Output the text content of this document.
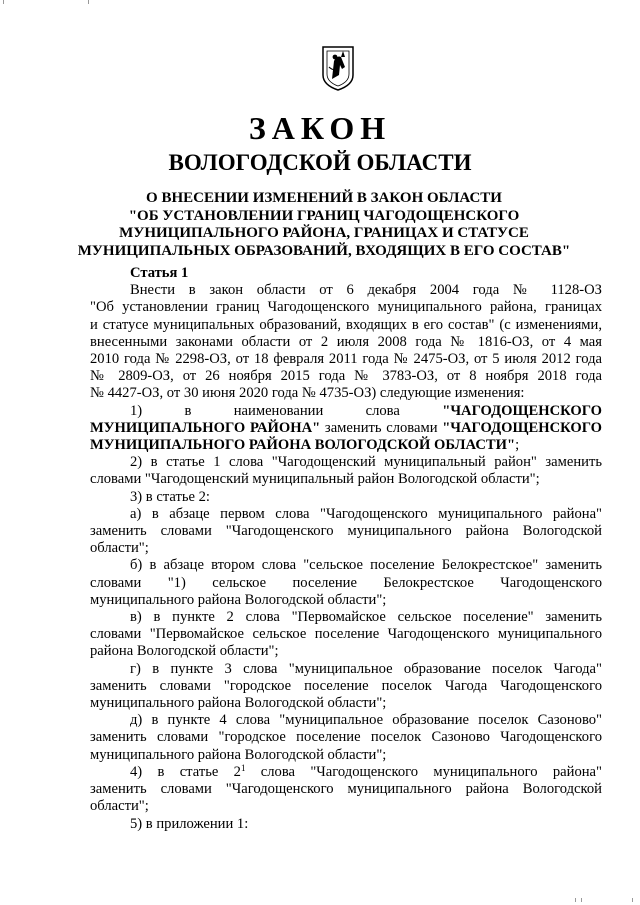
ЗАКОН
ВОЛОГОДСКОЙ ОБЛАСТИ
О ВНЕСЕНИИ ИЗМЕНЕНИЙ В ЗАКОН ОБЛАСТИ
"ОБ УСТАНОВЛЕНИИ ГРАНИЦ ЧАГОДОЩЕНСКОГО
МУНИЦИПАЛЬНОГО РАЙОНА, ГРАНИЦАХ И СТАТУСЕ
МУНИЦИПАЛЬНЫХ ОБРАЗОВАНИЙ, ВХОДЯЩИХ В ЕГО СОСТАВ"

Статья 1

Внести в закон области от 6 декабря 2004 года № 1128-ОЗ
"Об установлении границ Чагодощенского муниципального района, границах
и статусе муниципальных образований, входящих в его состав" (с изменениями,
внесенными законами области от 2 июля 2008 года № 1816-ОЗ, от 4 мая
2010 года № 2298-ОЗ, от 18 февраля 2011 года № 2475-ОЗ, от 5 июля 2012 года
№ 2809-ОЗ, от 26 ноября 2015 года № 3783-ОЗ, от 8 ноября 2018 года
№ 4427-ОЗ, от 30 июня 2020 года № 4735-ОЗ) следующие изменения:
1) в наименовании слова	"ЧАГОДОЩЕНСКОГО
МУНИЦИПАЛЬНОГО РАЙОНА" заменить словами "ЧАГОДОЩЕНСКОГО
МУНИЦИПАЛЬНОГО РАЙОНА ВОЛОГОДСКОЙ ОБЛАСТИ";
2) в статье 1 слова "Чагодощенский муниципальный район" заменить
словами "Чагодощенский муниципальный район Вологодской области";
3) в статье 2:
а) в абзаце первом слова "Чагодощенского муниципального района"
заменить словами "Чагодощенского муниципального района Вологодской
области";
б) в абзаце втором слова "сельское поселение Белокрестское" заменить
словами "1) сельское поселение Белокрестское Чагодощенского
муниципального района Вологодской области";
в) в пункте 2 слова "Первомайское сельское поселение" заменить
словами "Первомайское сельское поселение Чагодощенского муниципального
района Вологодской области";
г) в пункте 3 слова "муниципальное образование поселок Чагода"
заменить словами "городское поселение поселок Чагода Чагодощенского
муниципального района Вологодской области";
д) в пункте 4 слова "муниципальное образование поселок Сазоново"
заменить словами "городское поселение поселок Сазоново Чагодощенского
муниципального района Вологодской области";
4) в статье $2^1$ слова "Чагодощенского муниципального района"
заменить словами "Чагодощенского муниципального района Вологодской
области";
5) в приложении 1:
